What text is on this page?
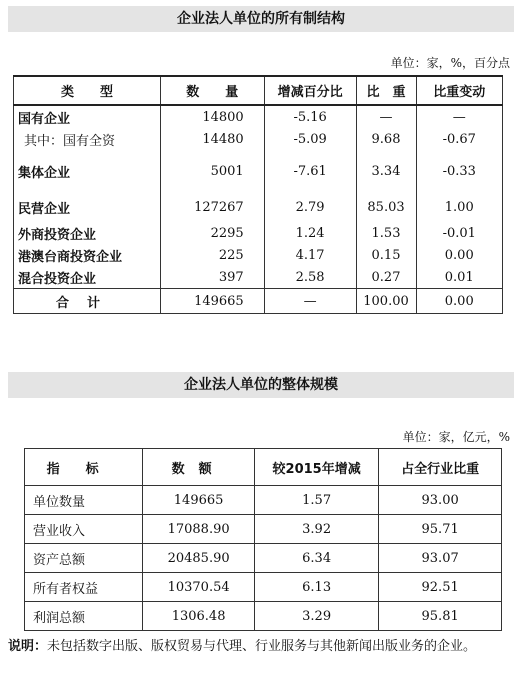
企业法人单位的所有制结构
单位：家，%，百分点
类　　型	数　　量	增减百分比	比　重	比重变动
国有企业	14800	-5.16	—	—
其中：国有全资	14480	-5.09	9.68	-0.67
集体企业	5001	-7.61	3.34	-0.33
民营企业	127267	2.79	85.03	1.00
外商投资企业	2295	1.24	1.53	-0.01
港澳台商投资企业	225	4.17	0.15	0.00
混合投资企业	397	2.58	0.27	0.01
合计	149665	—	100.00	0.00
企业法人单位的整体规模
单位：家，亿元，%
指标	数额	较2015年增减	占全行业比重
单位数量	149665	1.57	93.00
营业收入	17088.90	3.92	95.71
资产总额	20485.90	6.34	93.07
所有者权益	10370.54	6.13	92.51
利润总额	1306.48	3.29	95.81
说明：未包括数字出版、版权贸易与代理、行业服务与其他新闻出版业务的企业。
